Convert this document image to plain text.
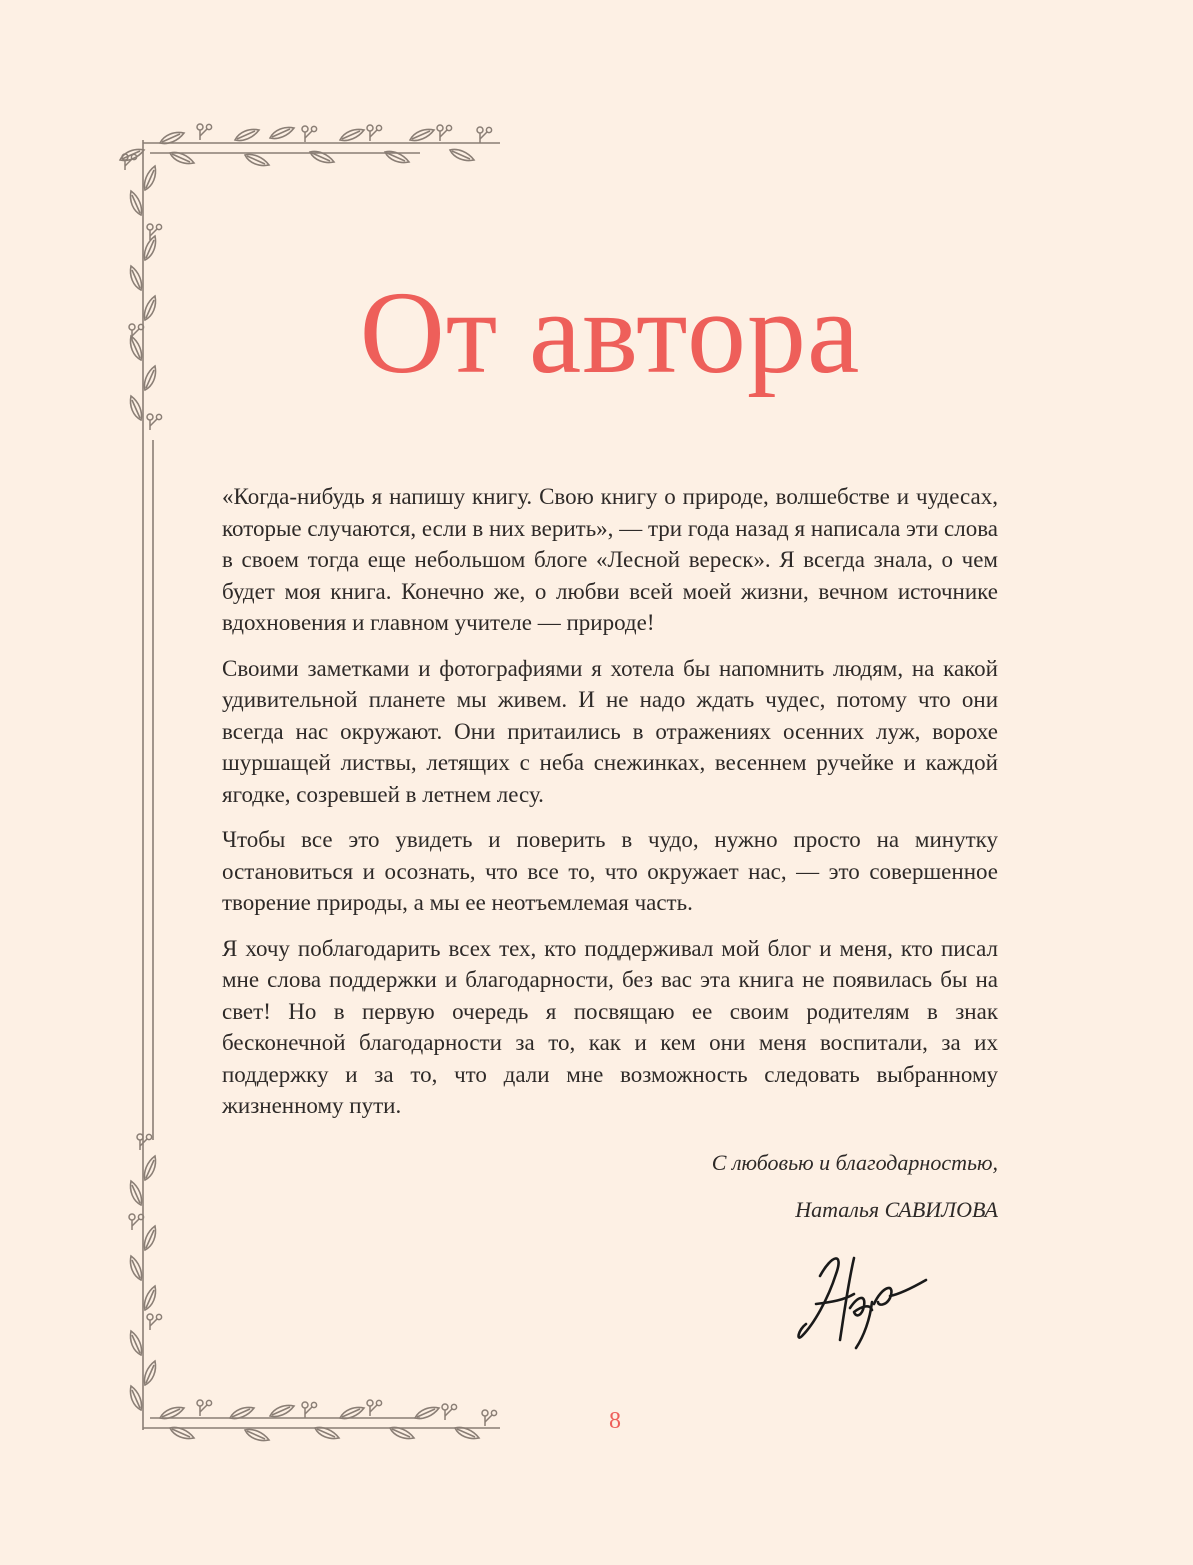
От автора

«Когда-нибудь я напишу книгу. Свою книгу о природе, волшебстве и чудесах, которые случаются, если в них верить», — три года назад я написала эти слова в своем тогда еще небольшом блоге «Лесной вереск». Я всегда знала, о чем будет моя книга. Конечно же, о любви всей моей жизни, вечном источнике вдохновения и главном учителе — природе!

Своими заметками и фотографиями я хотела бы напомнить людям, на какой удивительной планете мы живем. И не надо ждать чудес, потому что они всегда нас окружают. Они притаились в отражениях осенних луж, ворохе шуршащей листвы, летящих с неба снежинках, весеннем ручейке и каждой ягодке, созревшей в летнем лесу.

Чтобы все это увидеть и поверить в чудо, нужно просто на минутку остановиться и осознать, что все то, что окружает нас, — это совершенное творение природы, а мы ее неотъемлемая часть.

Я хочу поблагодарить всех тех, кто поддерживал мой блог и меня, кто писал мне слова поддержки и благодарности, без вас эта книга не появилась бы на свет! Но в первую очередь я посвящаю ее своим родителям в знак бесконечной благодарности за то, как и кем они меня воспитали, за их поддержку и за то, что дали мне возможность следовать выбранному жизненному пути.

С любовью и благодарностью,
Наталья САВИЛОВА
8
